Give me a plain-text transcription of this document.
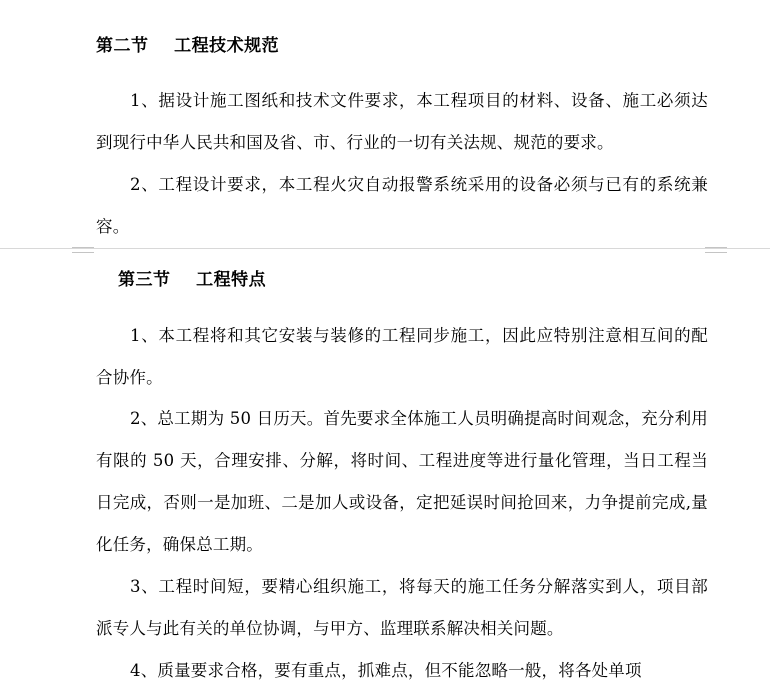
第二节    工程技术规范

1、据设计施工图纸和技术文件要求，本工程项目的材料、设备、施工必须达到现行中华人民共和国及省、市、行业的一切有关法规、规范的要求。

2、工程设计要求，本工程火灾自动报警系统采用的设备必须与已有的系统兼容。

第三节    工程特点

1、本工程将和其它安装与装修的工程同步施工，因此应特别注意相互间的配合协作。

2、总工期为 50 日历天。首先要求全体施工人员明确提高时间观念，充分利用有限的 50 天，合理安排、分解，将时间、工程进度等进行量化管理，当日工程当日完成，否则一是加班、二是加人或设备，定把延误时间抢回来，力争提前完成,量化任务，确保总工期。

3、工程时间短，要精心组织施工，将每天的施工任务分解落实到人，项目部派专人与此有关的单位协调，与甲方、监理联系解决相关问题。

4、质量要求合格，要有重点，抓难点，但不能忽略一般，将各处单项
